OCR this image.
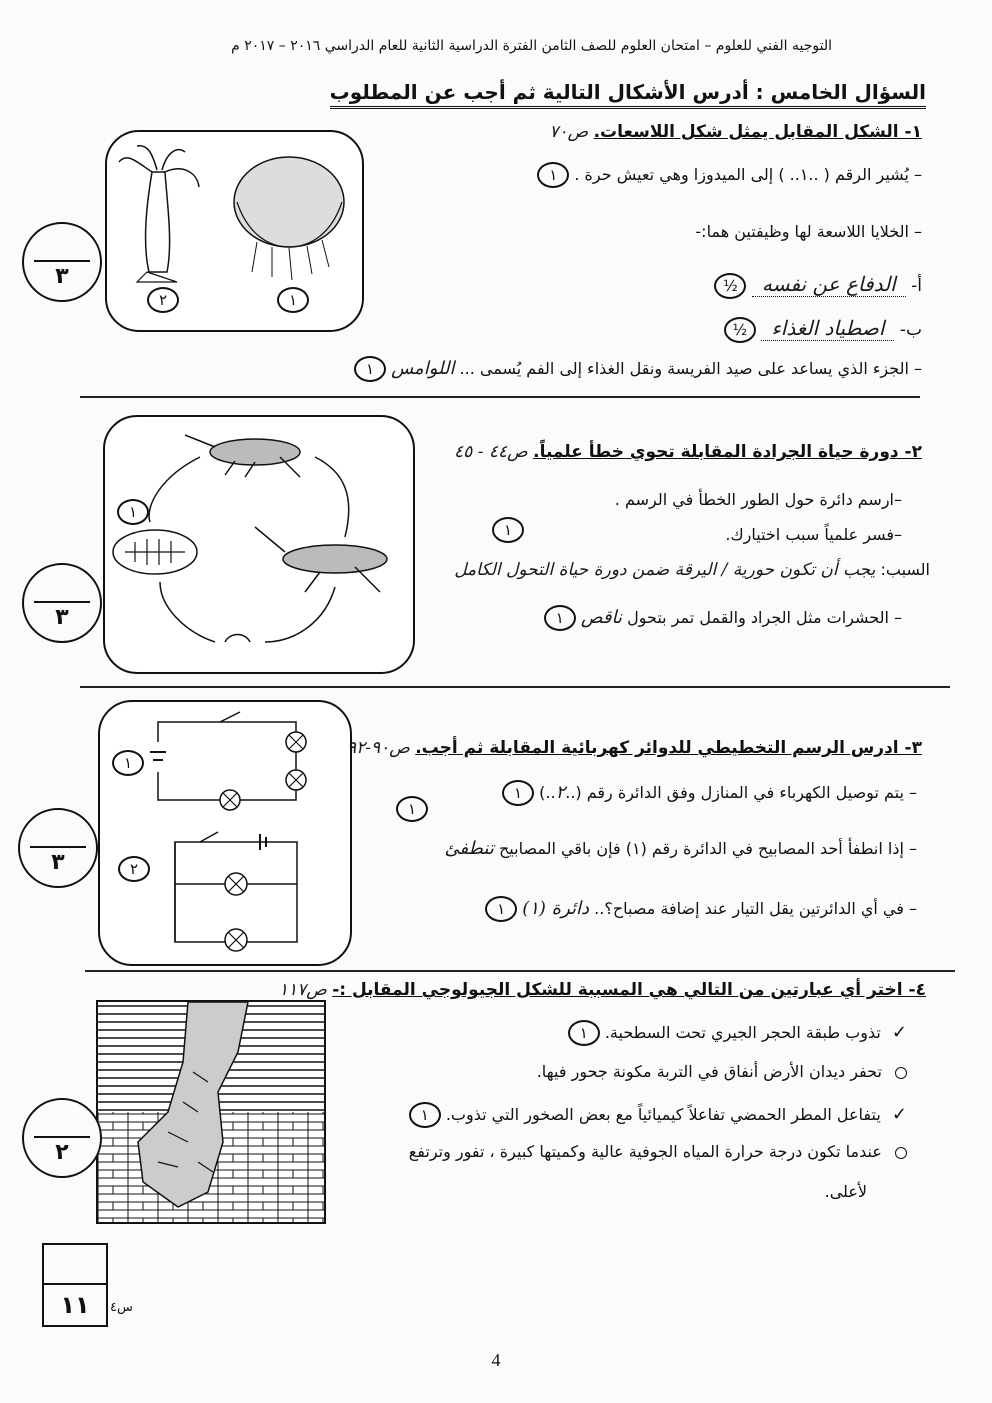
التوجيه الفني للعلوم – امتحان العلوم للصف الثامن الفترة الدراسية الثانية للعام الدراسي ٢٠١٦ – ٢٠١٧ م
السؤال الخامس : أدرس الأشكال التالية ثم أجب عن المطلوب
٢	١
٣
١- الشكل المقابل يمثل شكل اللاسعات. ص٧٠
– يُشير الرقم ( ..١.. ) إلى الميدوزا وهي تعيش حرة . ١
– الخلايا اللاسعة لها وظيفتين هما:-
أ- الدفاع عن نفسه ½
ب- اصطياد الغذاء ½
– الجزء الذي يساعد على صيد الفريسة ونقل الغذاء إلى الفم يُسمى ... اللوامس ١
١
٣
٢- دورة حياة الجرادة المقابلة تحوي خطأ علمياً. ص٤٤ - ٤٥
–ارسم دائرة حول الطور الخطأ في الرسم .
–فسر علمياً سبب اختيارك.
١
السبب: يجب أن تكون حورية / اليرقة ضمن دورة حياة التحول الكامل
– الحشرات مثل الجراد والقمل تمر بتحول ناقص ١
١
٢
٣
٣- ادرس الرسم التخطيطي للدوائر كهربائية المقابلة ثم أجب. ص٩٠-٩٢
– يتم توصيل الكهرباء في المنازل وفق الدائرة رقم (..٢..) ١
١
– إذا انطفأ أحد المصابيح في الدائرة رقم (١) فإن باقي المصابيح تنطفئ
– في أي الدائرتين يقل التيار عند إضافة مصباح؟.. دائرة (١) ١
٢
٤- اختر أي عبارتين من التالي هي المسببة للشكل الجيولوجي المقابل :- ص١١٧
✓ تذوب طبقة الحجر الجيري تحت السطحية. ١
تحفر ديدان الأرض أنفاق في التربة مكونة جحور فيها.
✓ يتفاعل المطر الحمضي تفاعلاً كيميائياً مع بعض الصخور التي تذوب. ١
عندما تكون درجة حرارة المياه الجوفية عالية وكميتها كبيرة ، تفور وترتفع
لأعلى.
١١	س٤
4
